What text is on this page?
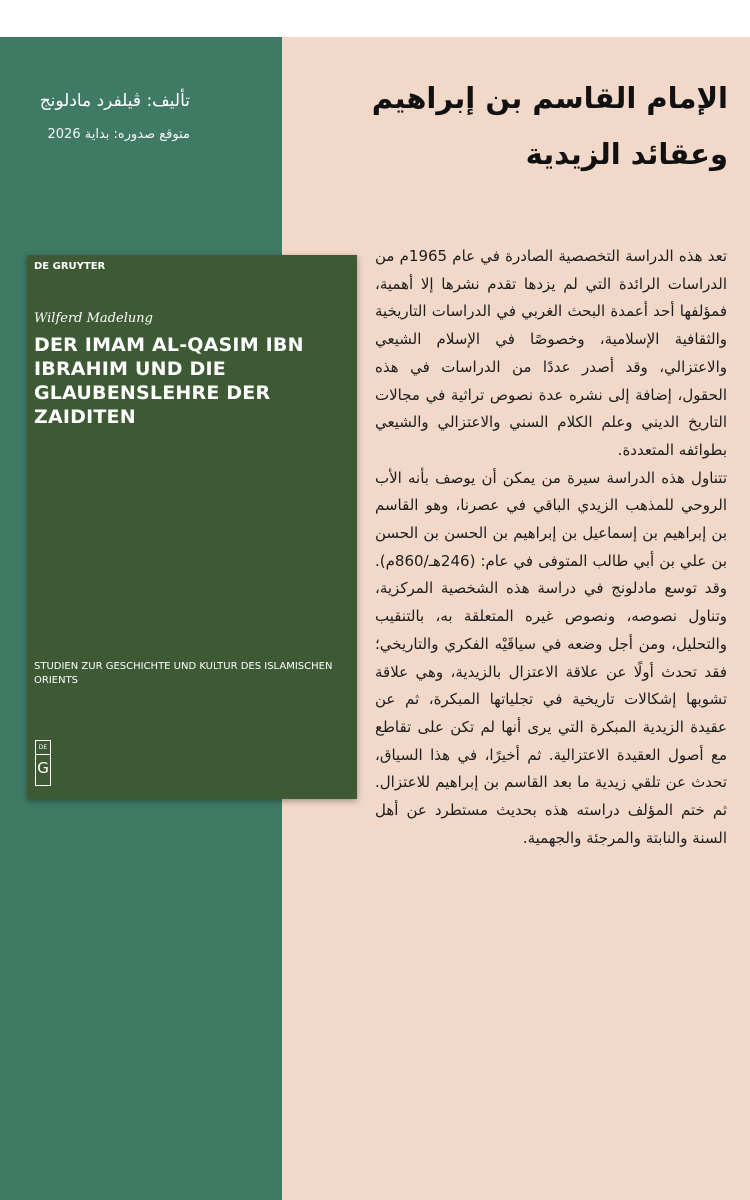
تأليف: ڤيلفرد مادلونج
متوقع صدوره: بداية 2026
DE GRUYTER
Wilferd Madelung
DER IMAM AL-QASIM IBN IBRAHIM UND DIE GLAUBENSLEHRE DER ZAIDITEN
STUDIEN ZUR GESCHICHTE UND KULTUR DES ISLAMISCHEN ORIENTS
DE
G
الإمام القاسم بن إبراهيم
وعقائد الزيدية

تعد هذه الدراسة التخصصية الصادرة في عام 1965م من الدراسات الرائدة التي لم يزدها تقدم نشرها إلا أهمية، فمؤلفها أحد أعمدة البحث الغربي في الدراسات التاريخية والثقافية الإسلامية، وخصوصًا في الإسلام الشيعي والاعتزالي، وقد أصدر عددًا من الدراسات في هذه الحقول، إضافة إلى نشره عدة نصوص تراثية في مجالات التاريخ الديني وعلم الكلام السني والاعتزالي والشيعي بطوائفه المتعددة.

تتناول هذه الدراسة سيرة من يمكن أن يوصف بأنه الأب الروحي للمذهب الزيدي الباقي في عصرنا، وهو القاسم بن إبراهيم بن إسماعيل بن إبراهيم بن الحسن بن الحسن بن علي بن أبي طالب المتوفى في عام: (246هـ/860م). وقد توسع مادلونج في دراسة هذه الشخصية المركزية، وتناول نصوصه، ونصوص غيره المتعلقة به، بالتنقيب والتحليل، ومن أجل وضعه في سياقَيْه الفكري والتاريخي؛ فقد تحدث أولًا عن علاقة الاعتزال بالزيدية، وهي علاقة تشوبها إشكالات تاريخية في تجلياتها المبكرة، ثم عن عقيدة الزيدية المبكرة التي يرى أنها لم تكن على تقاطع مع أصول العقيدة الاعتزالية. ثم أخيرًا، في هذا السياق، تحدث عن تلقي زيدية ما بعد القاسم بن إبراهيم للاعتزال. ثم ختم المؤلف دراسته هذه بحديث مستطرد عن أهل السنة والنابتة والمرجئة والجهمية.
